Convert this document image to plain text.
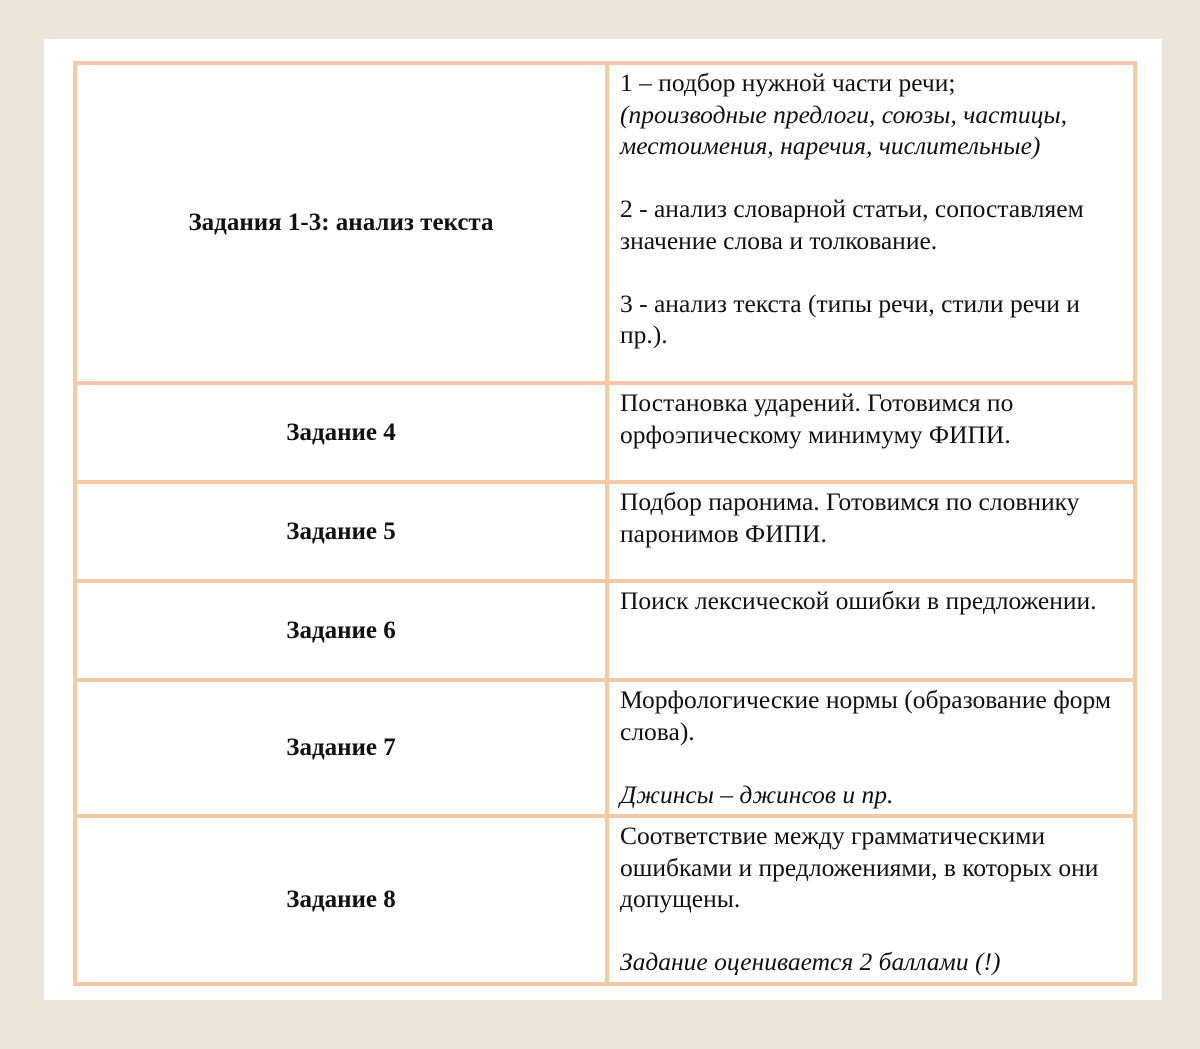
Задания 1-3: анализ текста	1 – подбор нужной части речи;
(производные предлоги, союзы, частицы, местоимения, наречия, числительные)
2 - анализ словарной статьи, сопоставляем значение слова и толкование.
3 - анализ текста (типы речи, стили речи и пр.).

Задание 4	Постановка ударений. Готовимся по орфоэпическому минимуму ФИПИ.

Задание 5	Подбор паронима. Готовимся по словнику паронимов ФИПИ.

Задание 6	Поиск лексической ошибки в предложении.

Задание 7	Морфологические нормы (образование форм слова).
Джинсы – джинсов и пр.

Задание 8	Соответствие между грамматическими ошибками и предложениями, в которых они допущены.
Задание оценивается 2 баллами (!)
